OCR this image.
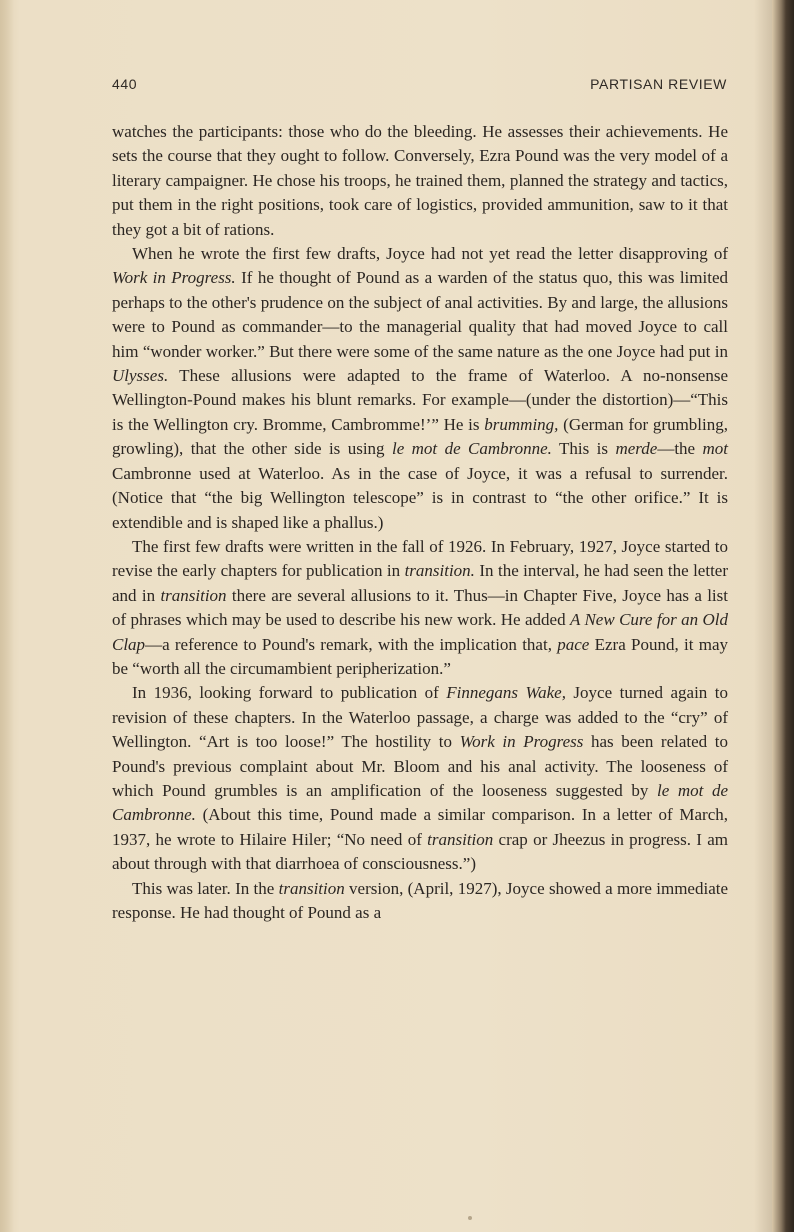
440	PARTISAN REVIEW

watches the participants: those who do the bleeding. He assesses their achievements. He sets the course that they ought to follow. Conversely, Ezra Pound was the very model of a literary campaigner. He chose his troops, he trained them, planned the strategy and tactics, put them in the right positions, took care of logistics, provided ammunition, saw to it that they got a bit of rations.

When he wrote the first few drafts, Joyce had not yet read the letter disapproving of Work in Progress. If he thought of Pound as a warden of the status quo, this was limited perhaps to the other's prudence on the subject of anal activities. By and large, the allusions were to Pound as commander—to the managerial quality that had moved Joyce to call him “wonder worker.” But there were some of the same nature as the one Joyce had put in Ulysses. These allusions were adapted to the frame of Waterloo. A no-nonsense Wellington-Pound makes his blunt remarks. For example—(under the distortion)—“This is the Wellington cry. Bromme, Cambromme!’” He is brumming, (German for grumbling, growling), that the other side is using le mot de Cambronne. This is merde—the mot Cambronne used at Waterloo. As in the case of Joyce, it was a refusal to surrender. (Notice that “the big Wellington telescope” is in contrast to “the other orifice.” It is extendible and is shaped like a phallus.)

The first few drafts were written in the fall of 1926. In February, 1927, Joyce started to revise the early chapters for publication in transition. In the interval, he had seen the letter and in transition there are several allusions to it. Thus—in Chapter Five, Joyce has a list of phrases which may be used to describe his new work. He added A New Cure for an Old Clap—a reference to Pound's remark, with the implication that, pace Ezra Pound, it may be “worth all the circumambient peripherization.”

In 1936, looking forward to publication of Finnegans Wake, Joyce turned again to revision of these chapters. In the Waterloo passage, a charge was added to the “cry” of Wellington. “Art is too loose!” The hostility to Work in Progress has been related to Pound's previous complaint about Mr. Bloom and his anal activity. The looseness of which Pound grumbles is an amplification of the looseness suggested by le mot de Cambronne. (About this time, Pound made a similar comparison. In a letter of March, 1937, he wrote to Hilaire Hiler; “No need of transition crap or Jheezus in progress. I am about through with that diarrhoea of consciousness.”)

This was later. In the transition version, (April, 1927), Joyce showed a more immediate response. He had thought of Pound as a
